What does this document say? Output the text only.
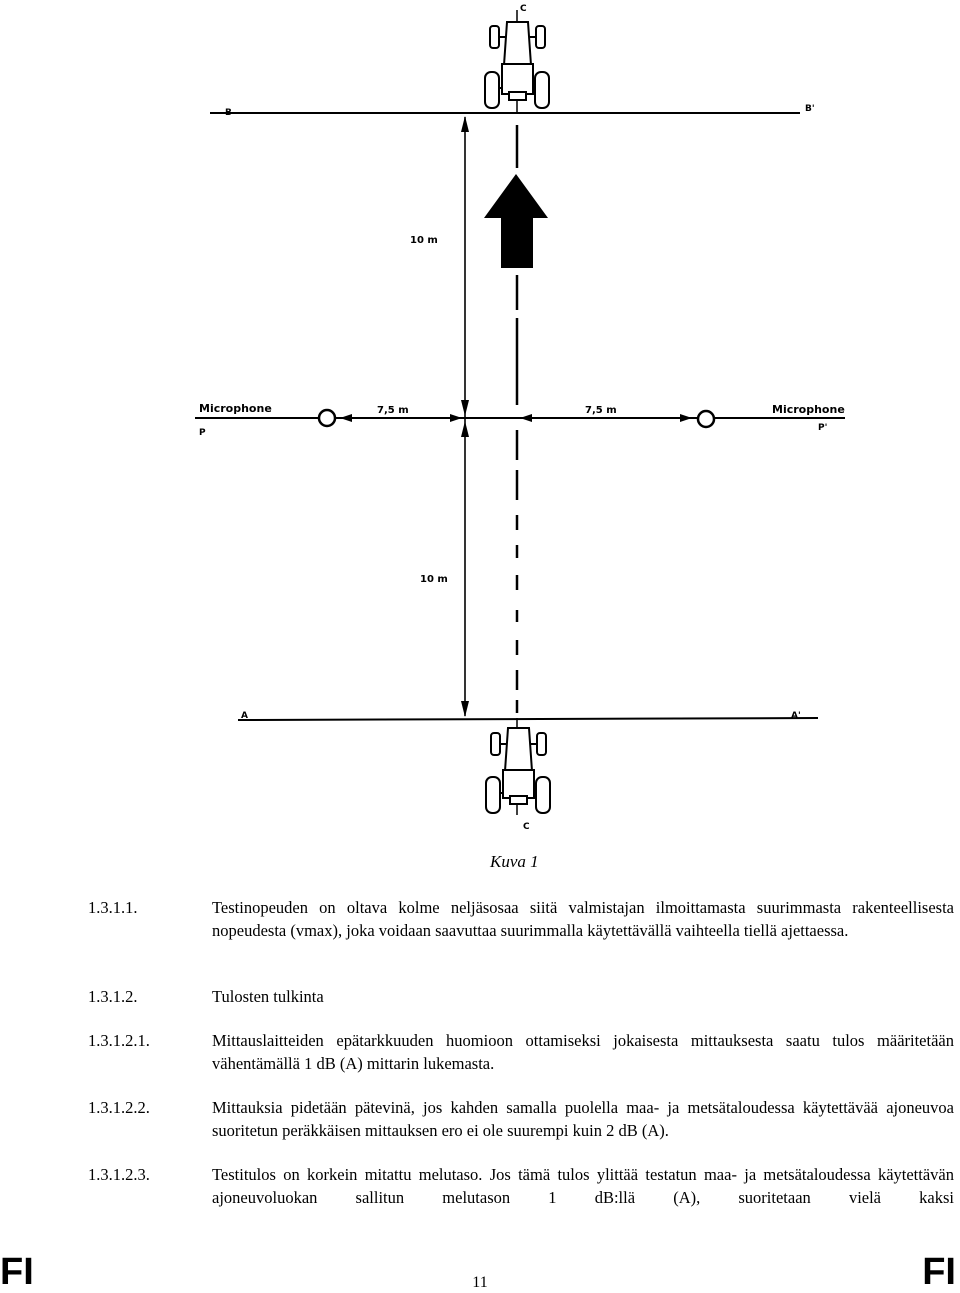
C
C
B	B'
A	A'
10 m
10 m
7,5 m	7,5 m
Microphone
P
Microphone
P'
Kuva 1
1.3.1.1.	Testinopeuden on oltava kolme neljäsosaa siitä valmistajan ilmoittamasta suurimmasta rakenteellisesta nopeudesta (vmax), joka voidaan saavuttaa suurimmalla käytettävällä vaihteella tiellä ajettaessa.
1.3.1.2.	Tulosten tulkinta
1.3.1.2.1.	Mittauslaitteiden epätarkkuuden huomioon ottamiseksi jokaisesta mittauksesta saatu tulos määritetään vähentämällä 1 dB (A) mittarin lukemasta.
1.3.1.2.2.	Mittauksia pidetään pätevinä, jos kahden samalla puolella maa- ja metsätaloudessa käytettävää ajoneuvoa suoritetun peräkkäisen mittauksen ero ei ole suurempi kuin 2 dB (A).
1.3.1.2.3.	Testitulos on korkein mitattu melutaso. Jos tämä tulos ylittää testatun maa- ja metsätaloudessa käytettävän ajoneuvoluokan sallitun melutason 1 dB:llä (A), suoritetaan vielä kaksi
FI	FI
11
